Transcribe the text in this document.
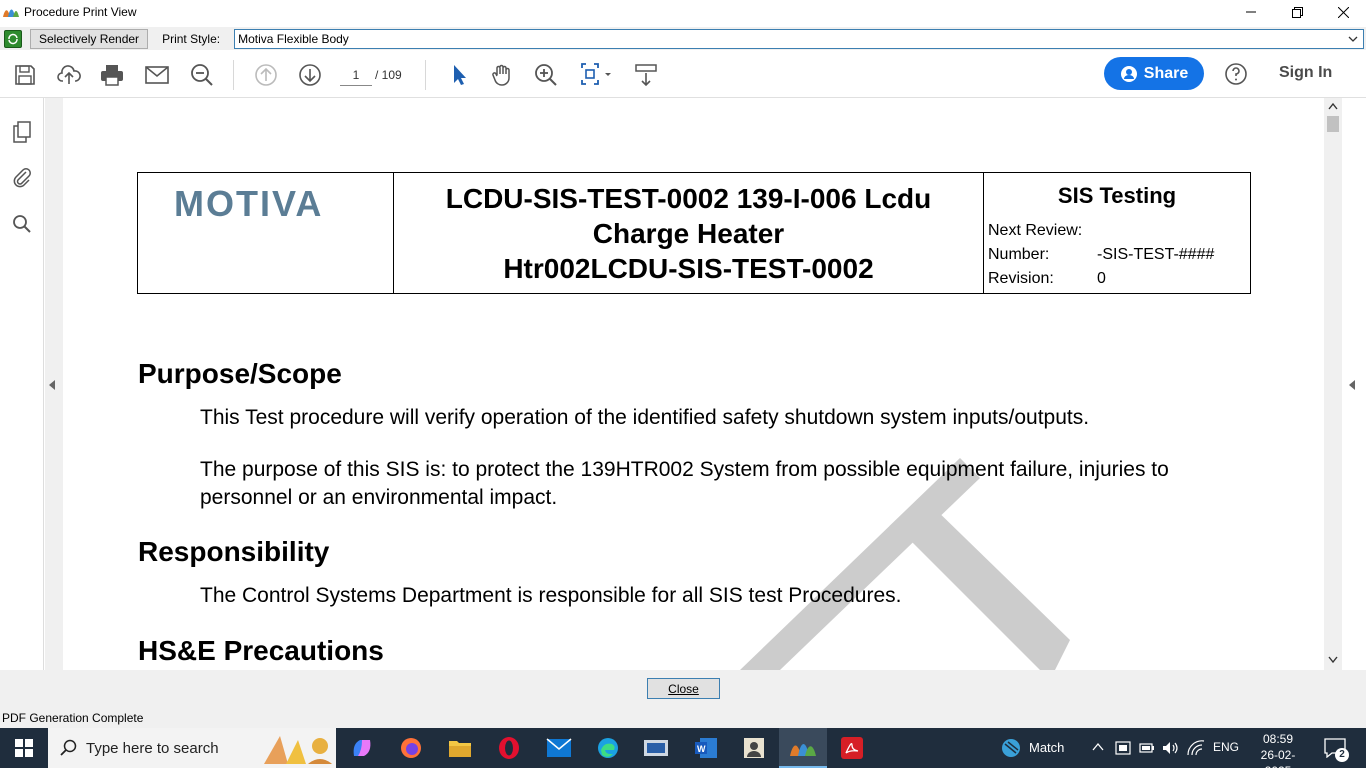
Procedure Print View
Selectively Render	Print Style: Motiva Flexible Body
1	/ 109	Share	Sign In
MOTIVA	LCDU-SIS-TEST-0002 139-I-006 Lcdu
Charge Heater
Htr002LCDU-SIS-TEST-0002
SIS Testing
Next Review:
Number:	-SIS-TEST-####
Revision:	0
Purpose/Scope
This Test procedure will verify operation of the identified safety shutdown system inputs/outputs.
The purpose of this SIS is: to protect the 139HTR002 System from possible equipment failure, injuries to personnel or an environmental impact.
Responsibility
The Control Systems Department is responsible for all SIS test Procedures.
HS&E Precautions
Close
PDF Generation Complete
Type here to search	W	Match	ENG
08:59
26-02-2025
2
